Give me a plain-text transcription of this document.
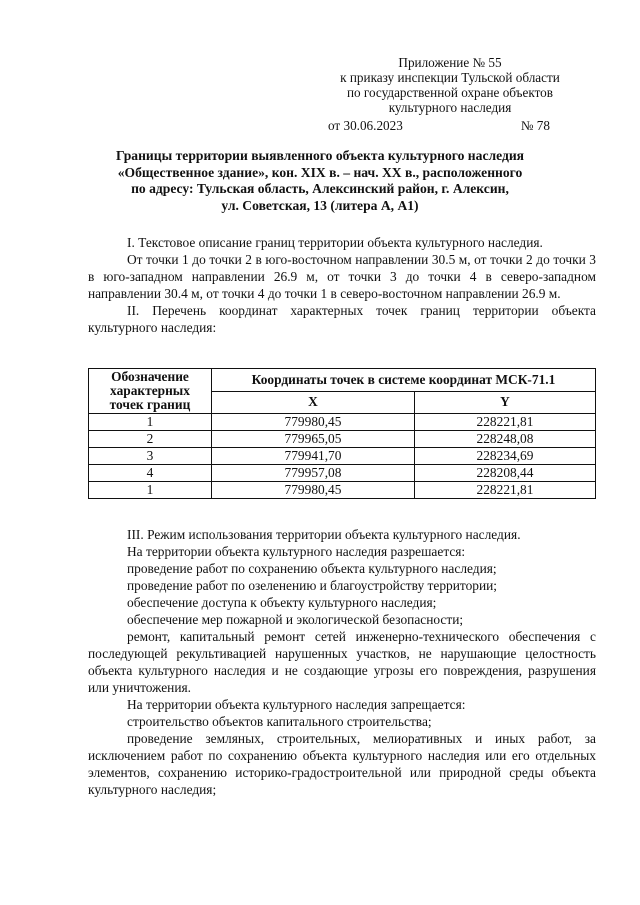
Приложение № 55
к приказу инспекции Тульской области
по государственной охране объектов
культурного наследия
от 30.06.2023	№ 78
Границы территории выявленного объекта культурного наследия
«Общественное здание», кон. XIX в. – нач. XX в., расположенного
по адресу: Тульская область, Алексинский район, г. Алексин,
ул. Советская, 13 (литера А, А1)

I. Текстовое описание границ территории объекта культурного наследия.

От точки 1 до точки 2 в юго-восточном направлении 30.5 м, от точки 2 до точки 3 в юго-западном направлении 26.9 м, от точки 3 до точки 4 в северо-западном направлении 30.4 м, от точки 4 до точки 1 в северо-восточном направлении 26.9 м.

II. Перечень координат характерных точек границ территории объекта культурного наследия:

Обозначение характерных точек границ	Координаты точек в системе координат МСК-71.1	
	X	Y
1	779980,45	228221,81
2	779965,05	228248,08
3	779941,70	228234,69
4	779957,08	228208,44
1	779980,45	228221,81

III. Режим использования территории объекта культурного наследия.

На территории объекта культурного наследия разрешается:

проведение работ по сохранению объекта культурного наследия;

проведение работ по озеленению и благоустройству территории;

обеспечение доступа к объекту культурного наследия;

обеспечение мер пожарной и экологической безопасности;

ремонт, капитальный ремонт сетей инженерно-технического обеспечения с последующей рекультивацией нарушенных участков, не нарушающие целостность объекта культурного наследия и не создающие угрозы его повреждения, разрушения или уничтожения.

На территории объекта культурного наследия запрещается:

строительство объектов капитального строительства;

проведение земляных, строительных, мелиоративных и иных работ, за исключением работ по сохранению объекта культурного наследия или его отдельных элементов, сохранению историко-градостроительной или природной среды объекта культурного наследия;
